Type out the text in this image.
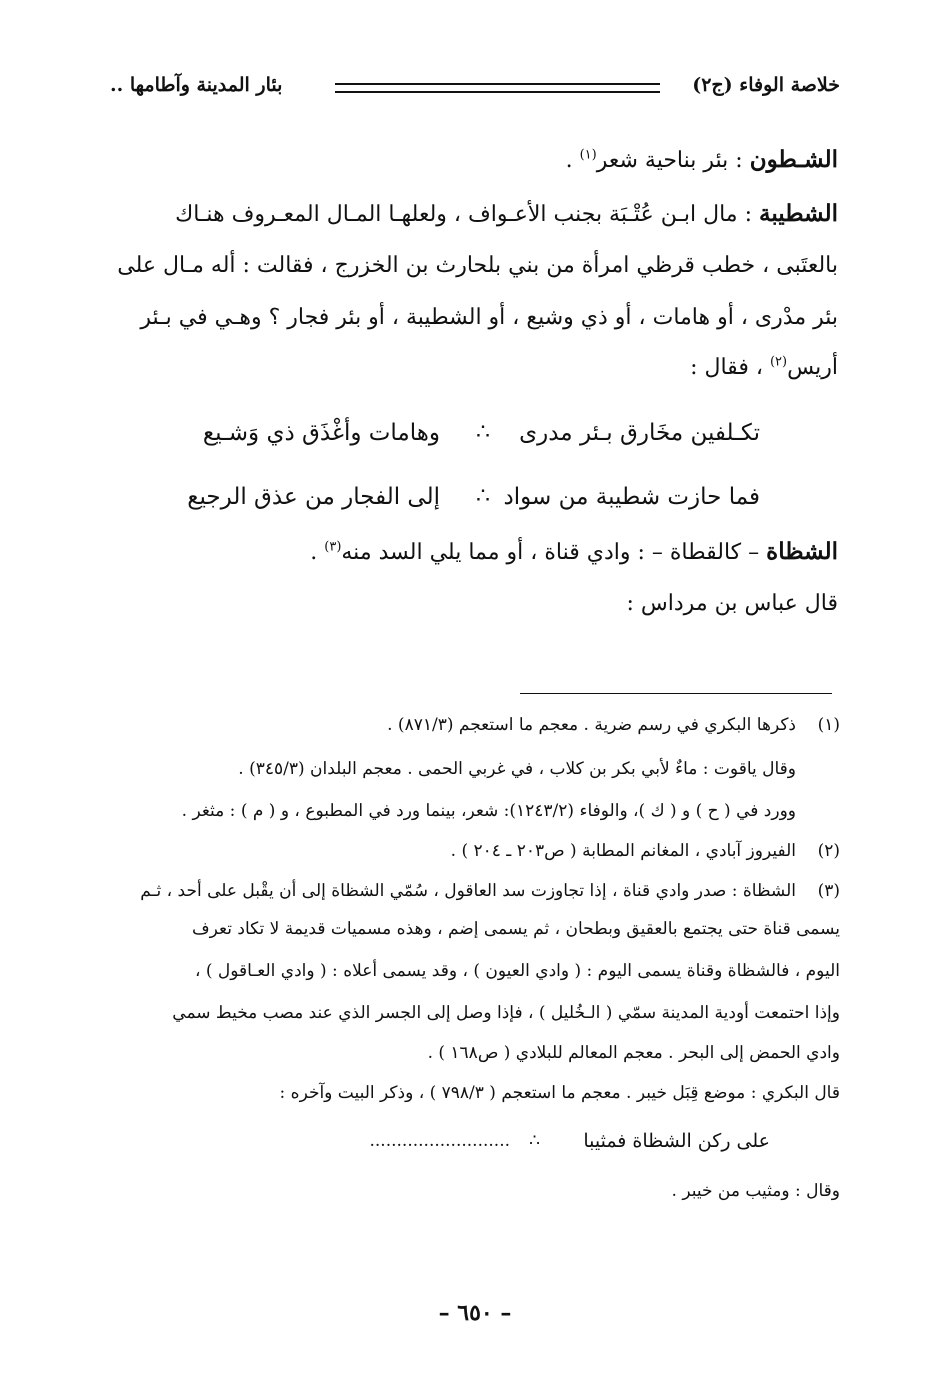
خلاصة الوفاء (ج٢)
بئار المدينة وآطامها ..
الشـطون : بئر بناحية شعر$^{(١)}$ .
الشطيبة : مال ابـن عُتْـبَة بجنب الأعـواف ، ولعلهـا المـال المعـروف هنـاك
بالعتَبى ، خطب قرظي امرأة من بني بلحارث بن الخزرج ، فقالت : أله مـال على
بئر مدْرى ، أو هامات ، أو ذي وشيع ، أو الشطيبة ، أو بئر فجار ؟ وهـي في بـئر
أريس$^{(٢)}$ ، فقال :
تكـلفين مخَارق بـئر مدرى
∴
وهامات وأغْذَق ذي وَشـيع
فما حازت شطيبة من سواد
∴
إلى الفجار من عذق الرجيع
الشظاة – كالقطاة – : وادي قناة ، أو مما يلي السد منه$^{(٣)}$ .
قال عباس بن مرداس :
(١)
ذكرها البكري في رسم ضرية . معجم ما استعجم (٨٧١/٣) .
وقال ياقوت : ماءٌ لأبي بكر بن كلاب ، في غربي الحمى . معجم البلدان (٣٤٥/٣) .
وورد في ( ح ) و ( ك )، والوفاء (١٢٤٣/٢): شعر، بينما ورد في المطبوع ، و ( م ) : مثغر .
(٢)
الفيروز آبادي ، المغانم المطابة ( ص٢٠٣ ـ ٢٠٤ ) .
(٣)
الشظاة : صدر وادي قناة ، إذا تجاوزت سد العاقول ، سُمّي الشظاة إلى أن يقْبل على أحد ، ثـم
يسمى قناة حتى يجتمع بالعقيق وبطحان ، ثم يسمى إضم ، وهذه مسميات قديمة لا تكاد تعرف
اليوم ، فالشظاة وقناة يسمى اليوم : ( وادي العيون ) ، وقد يسمى أعلاه : ( وادي العـاقول ) ،
وإذا احتمعت أودية المدينة سمّي ( الـخُليل ) ، فإذا وصل إلى الجسر الذي عند مصب مخيط سمي
وادي الحمض إلى البحر . معجم المعالم للبلادي ( ص١٦٨ ) .
قال البكري : موضع قِبَل خيبر . معجم ما استعجم ( ٧٩٨/٣ ) ، وذكر البيت وآخره :
على ركن الشظاة فمثيبا
∴
..........................
وقال : ومثيب من خيبر .
– ٦٥٠ –
